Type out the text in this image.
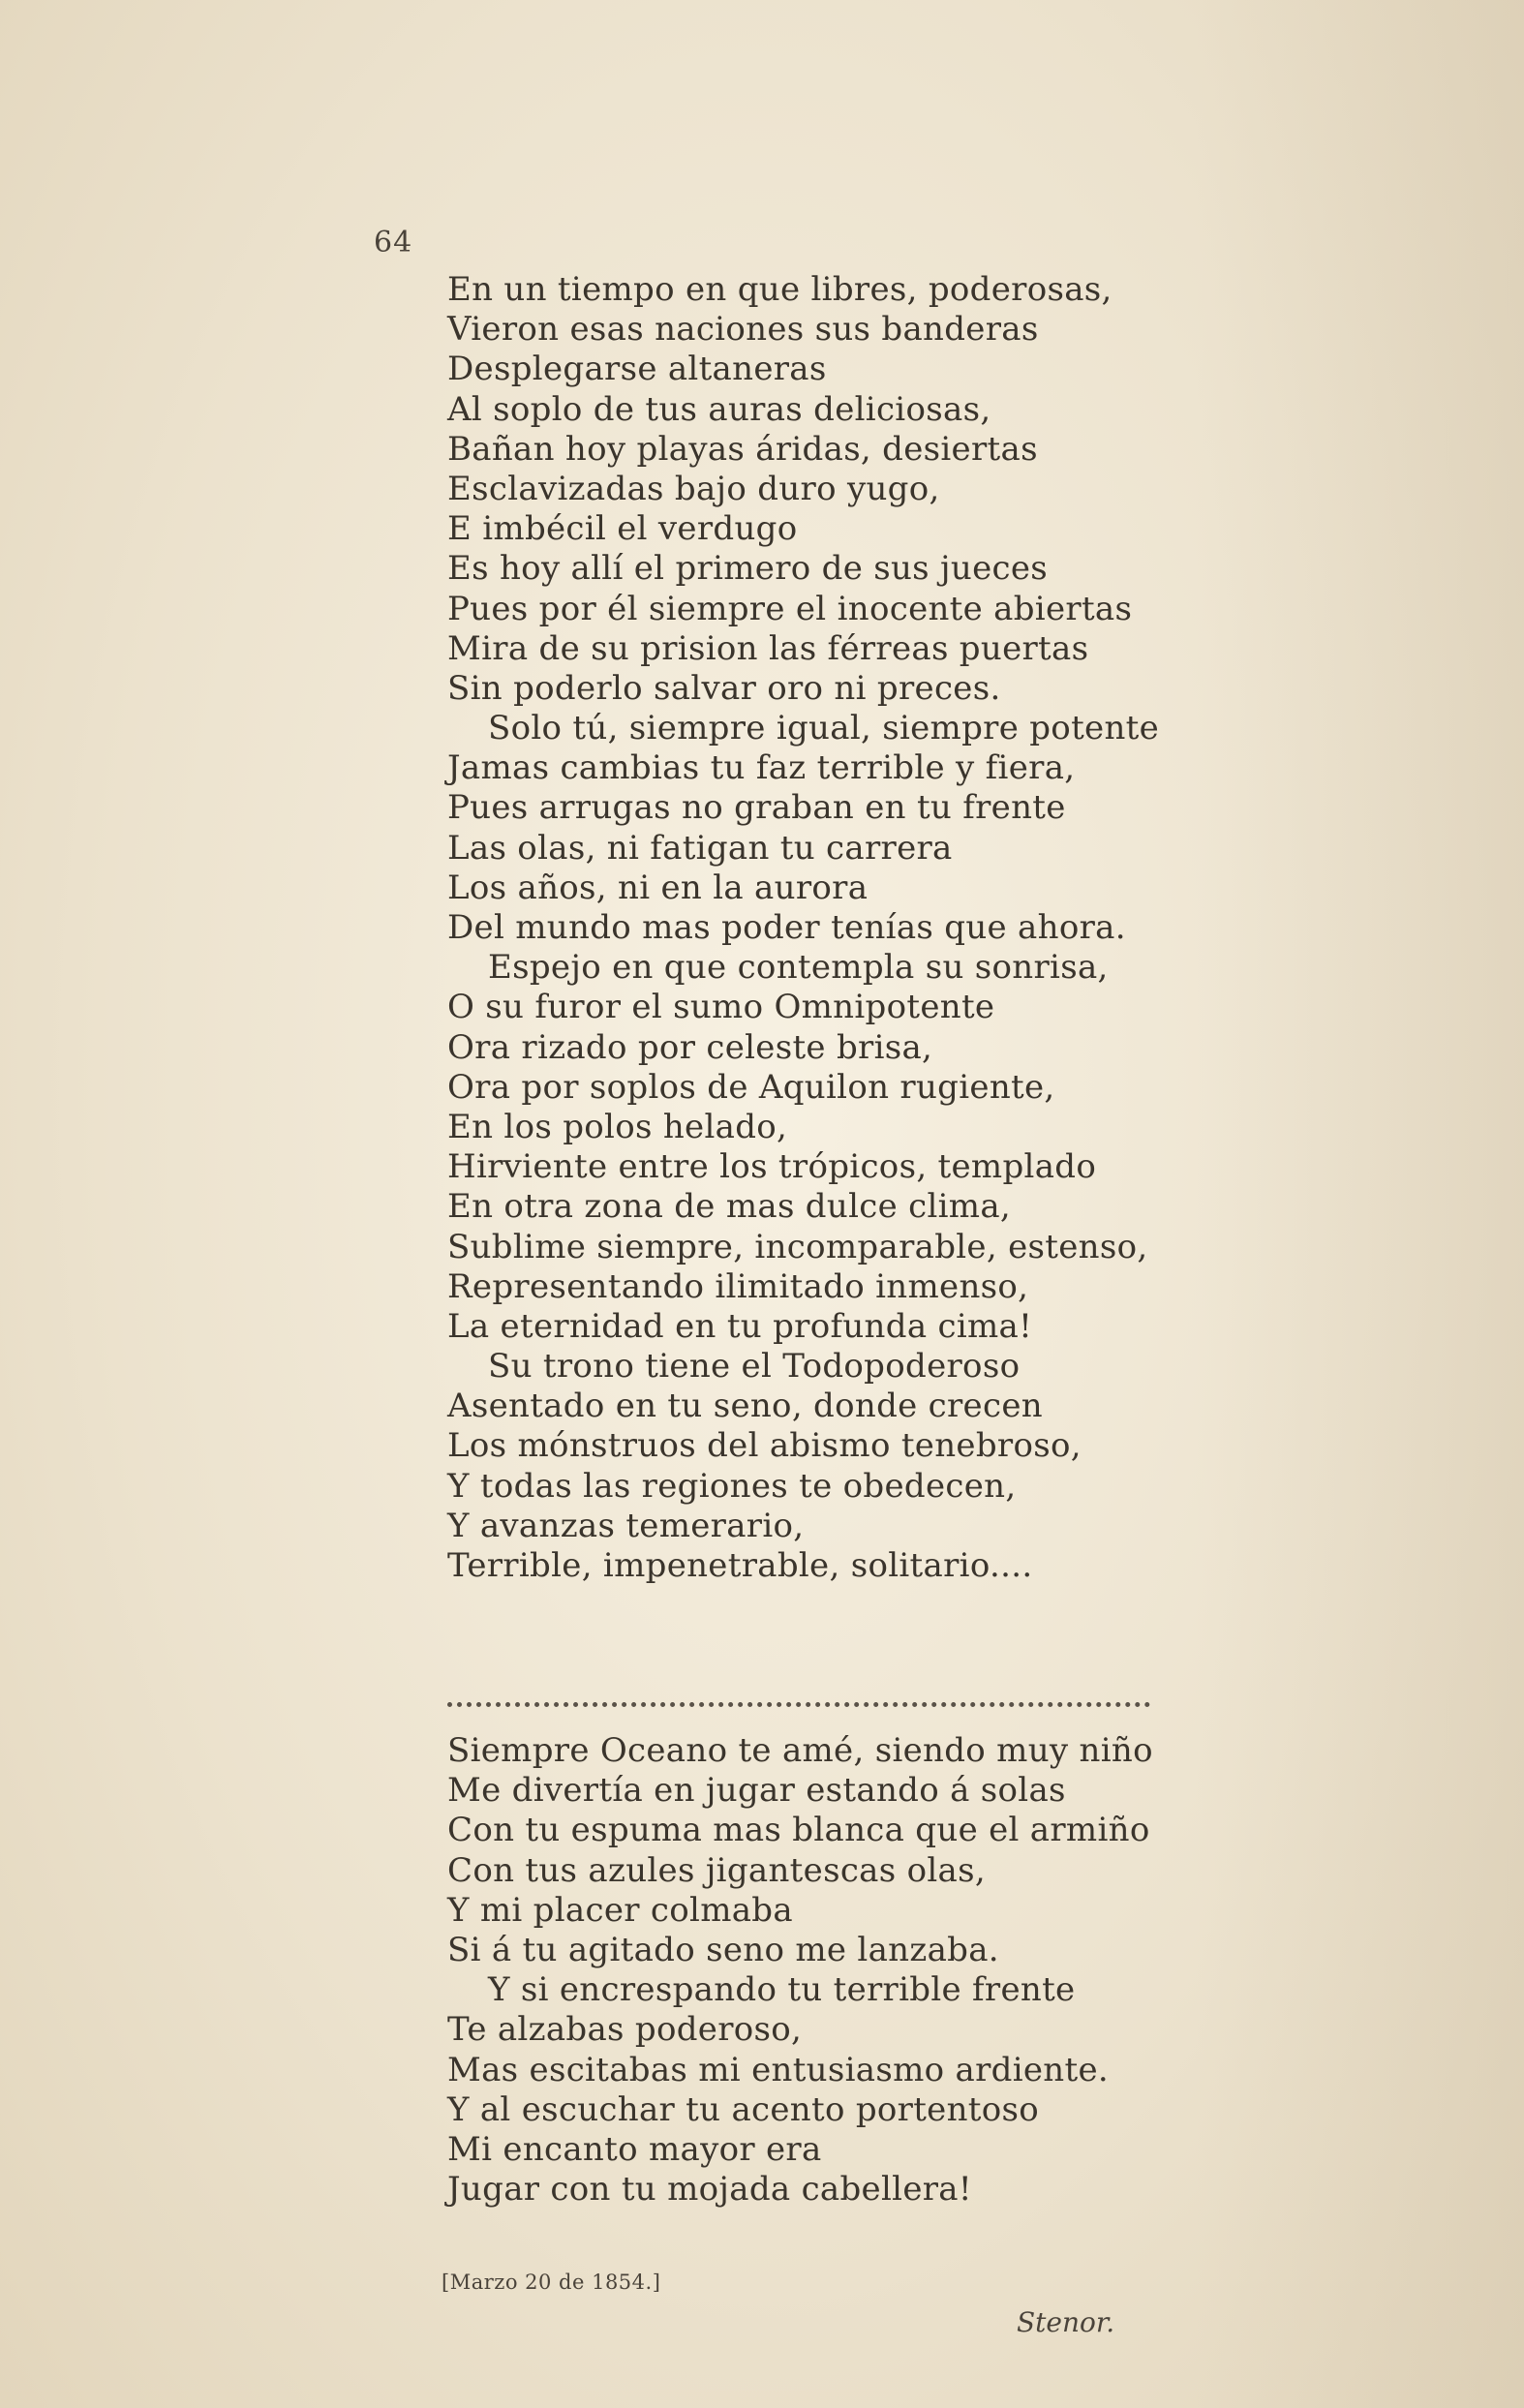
64
En un tiempo en que libres, poderosas,
Vieron esas naciones sus banderas
Desplegarse altaneras
Al soplo de tus auras deliciosas,
Bañan hoy playas áridas, desiertas
Esclavizadas bajo duro yugo,
E imbécil el verdugo
Es hoy allí el primero de sus jueces
Pues por él siempre el inocente abiertas
Mira de su prision las férreas puertas
Sin poderlo salvar oro ni preces.
Solo tú, siempre igual, siempre potente
Jamas cambias tu faz terrible y fiera,
Pues arrugas no graban en tu frente
Las olas, ni fatigan tu carrera
Los años, ni en la aurora
Del mundo mas poder tenías que ahora.
Espejo en que contempla su sonrisa,
O su furor el sumo Omnipotente
Ora rizado por celeste brisa,
Ora por soplos de Aquilon rugiente,
En los polos helado,
Hirviente entre los trópicos, templado
En otra zona de mas dulce clima,
Sublime siempre, incomparable, estenso,
Representando ilimitado inmenso,
La eternidad en tu profunda cima!
Su trono tiene el Todopoderoso
Asentado en tu seno, donde crecen
Los mónstruos del abismo tenebroso,
Y todas las regiones te obedecen,
Y avanzas temerario,
Terrible, impenetrable, solitario....
Siempre Oceano te amé, siendo muy niño
Me divertía en jugar estando á solas
Con tu espuma mas blanca que el armiño
Con tus azules jigantescas olas,
Y mi placer colmaba
Si á tu agitado seno me lanzaba.
Y si encrespando tu terrible frente
Te alzabas poderoso,
Mas escitabas mi entusiasmo ardiente.
Y al escuchar tu acento portentoso
Mi encanto mayor era
Jugar con tu mojada cabellera!
[Marzo 20 de 1854.]
Stenor.
